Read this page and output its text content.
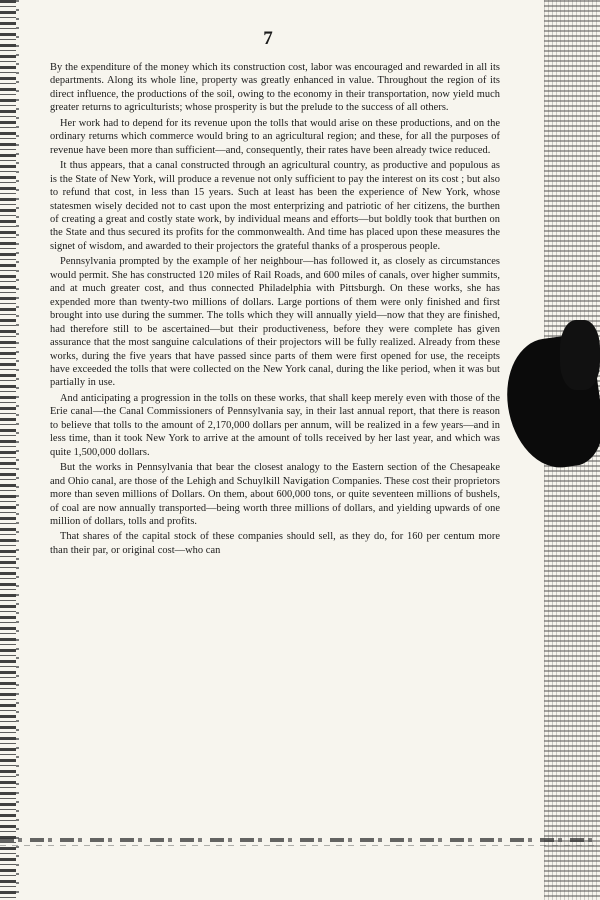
7

By the expenditure of the money which its construction cost, labor was encouraged and rewarded in all its departments. Along its whole line, property was greatly enhanced in value. Throughout the region of its direct influence, the productions of the soil, owing to the economy in their transportation, now yield much greater returns to agriculturists; whose prosperity is but the prelude to the success of all others.

Her work had to depend for its revenue upon the tolls that would arise on these productions, and on the ordinary returns which commerce would bring to an agricultural region; and these, for all the purposes of revenue have been more than sufficient—and, consequently, their rates have been already twice reduced.

It thus appears, that a canal constructed through an agricultural country, as productive and populous as is the State of New York, will produce a revenue not only sufficient to pay the interest on its cost ; but also to refund that cost, in less than 15 years. Such at least has been the experience of New York, whose statesmen wisely decided not to cast upon the most enterprizing and patriotic of her citizens, the burthen of creating a great and costly state work, by individual means and efforts—but boldly took that burthen on the State and thus secured its profits for the commonwealth. And time has placed upon these measures the signet of wisdom, and awarded to their projectors the grateful thanks of a prosperous people.

Pennsylvania prompted by the example of her neighbour—has followed it, as closely as circumstances would permit. She has constructed 120 miles of Rail Roads, and 600 miles of canals, over higher summits, and at much greater cost, and thus connected Philadelphia with Pittsburgh. On these works, she has expended more than twenty-two millions of dollars. Large portions of them were only finished and first brought into use during the summer. The tolls which they will annually yield—now that they are finished, had therefore still to be ascertained—but their productiveness, before they were complete has given assurance that the most sanguine calculations of their projectors will be fully realized. Already from these works, during the five years that have passed since parts of them were first opened for use, the receipts have exceeded the tolls that were collected on the New York canal, during the like period, when it was but partially in use.

And anticipating a progression in the tolls on these works, that shall keep merely even with those of the Erie canal—the Canal Commissioners of Pennsylvania say, in their last annual report, that there is reason to believe that tolls to the amount of 2,170,000 dollars per annum, will be realized in a few years—and in less time, than it took New York to arrive at the amount of tolls received by her last year, and which was quite 1,500,000 dollars.

But the works in Pennsylvania that bear the closest analogy to the Eastern section of the Chesapeake and Ohio canal, are those of the Lehigh and Schuylkill Navigation Companies. These cost their proprietors more than seven millions of Dollars. On them, about 600,000 tons, or quite seventeen millions of bushels, of coal are now annually transported—being worth three millions of dollars, and yielding upwards of one million of dollars, tolls and profits.

That shares of the capital stock of these companies should sell, as they do, for 160 per centum more than their par, or original cost—who can
